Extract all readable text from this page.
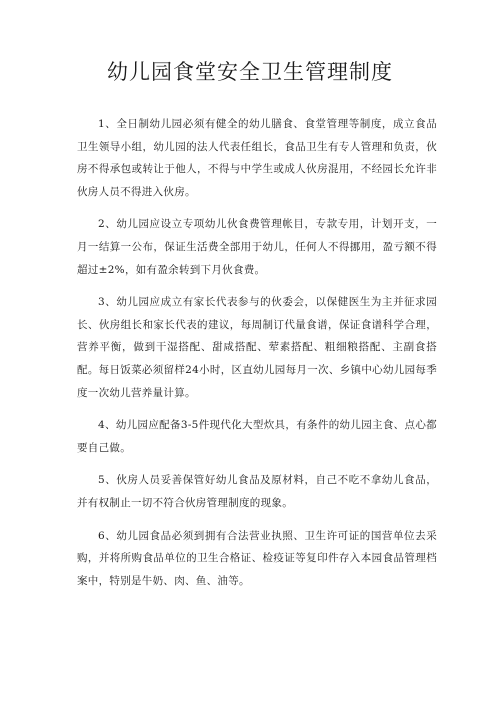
幼儿园食堂安全卫生管理制度

1、全日制幼儿园必须有健全的幼儿膳食、食堂管理等制度，成立食品卫生领导小组，幼儿园的法人代表任组长，食品卫生有专人管理和负责，伙房不得承包或转让于他人，不得与中学生或成人伙房混用，不经园长允许非伙房人员不得进入伙房。

2、幼儿园应设立专项幼儿伙食费管理帐目，专款专用，计划开支，一月一结算一公布，保证生活费全部用于幼儿，任何人不得挪用，盈亏额不得超过±2%，如有盈余转到下月伙食费。

3、幼儿园应成立有家长代表参与的伙委会，以保健医生为主并征求园长、伙房组长和家长代表的建议，每周制订代量食谱，保证食谱科学合理，营养平衡，做到干湿搭配、甜咸搭配、荤素搭配、粗细粮搭配、主副食搭配。每日饭菜必须留样24小时，区直幼儿园每月一次、乡镇中心幼儿园每季度一次幼儿营养量计算。

4、幼儿园应配备3-5件现代化大型炊具，有条件的幼儿园主食、点心都要自己做。

5、伙房人员妥善保管好幼儿食品及原材料，自己不吃不拿幼儿食品，并有权制止一切不符合伙房管理制度的现象。

6、幼儿园食品必须到拥有合法营业执照、卫生许可证的国营单位去采购，并将所购食品单位的卫生合格证、检疫证等复印件存入本园食品管理档案中，特别是牛奶、肉、鱼、油等。
